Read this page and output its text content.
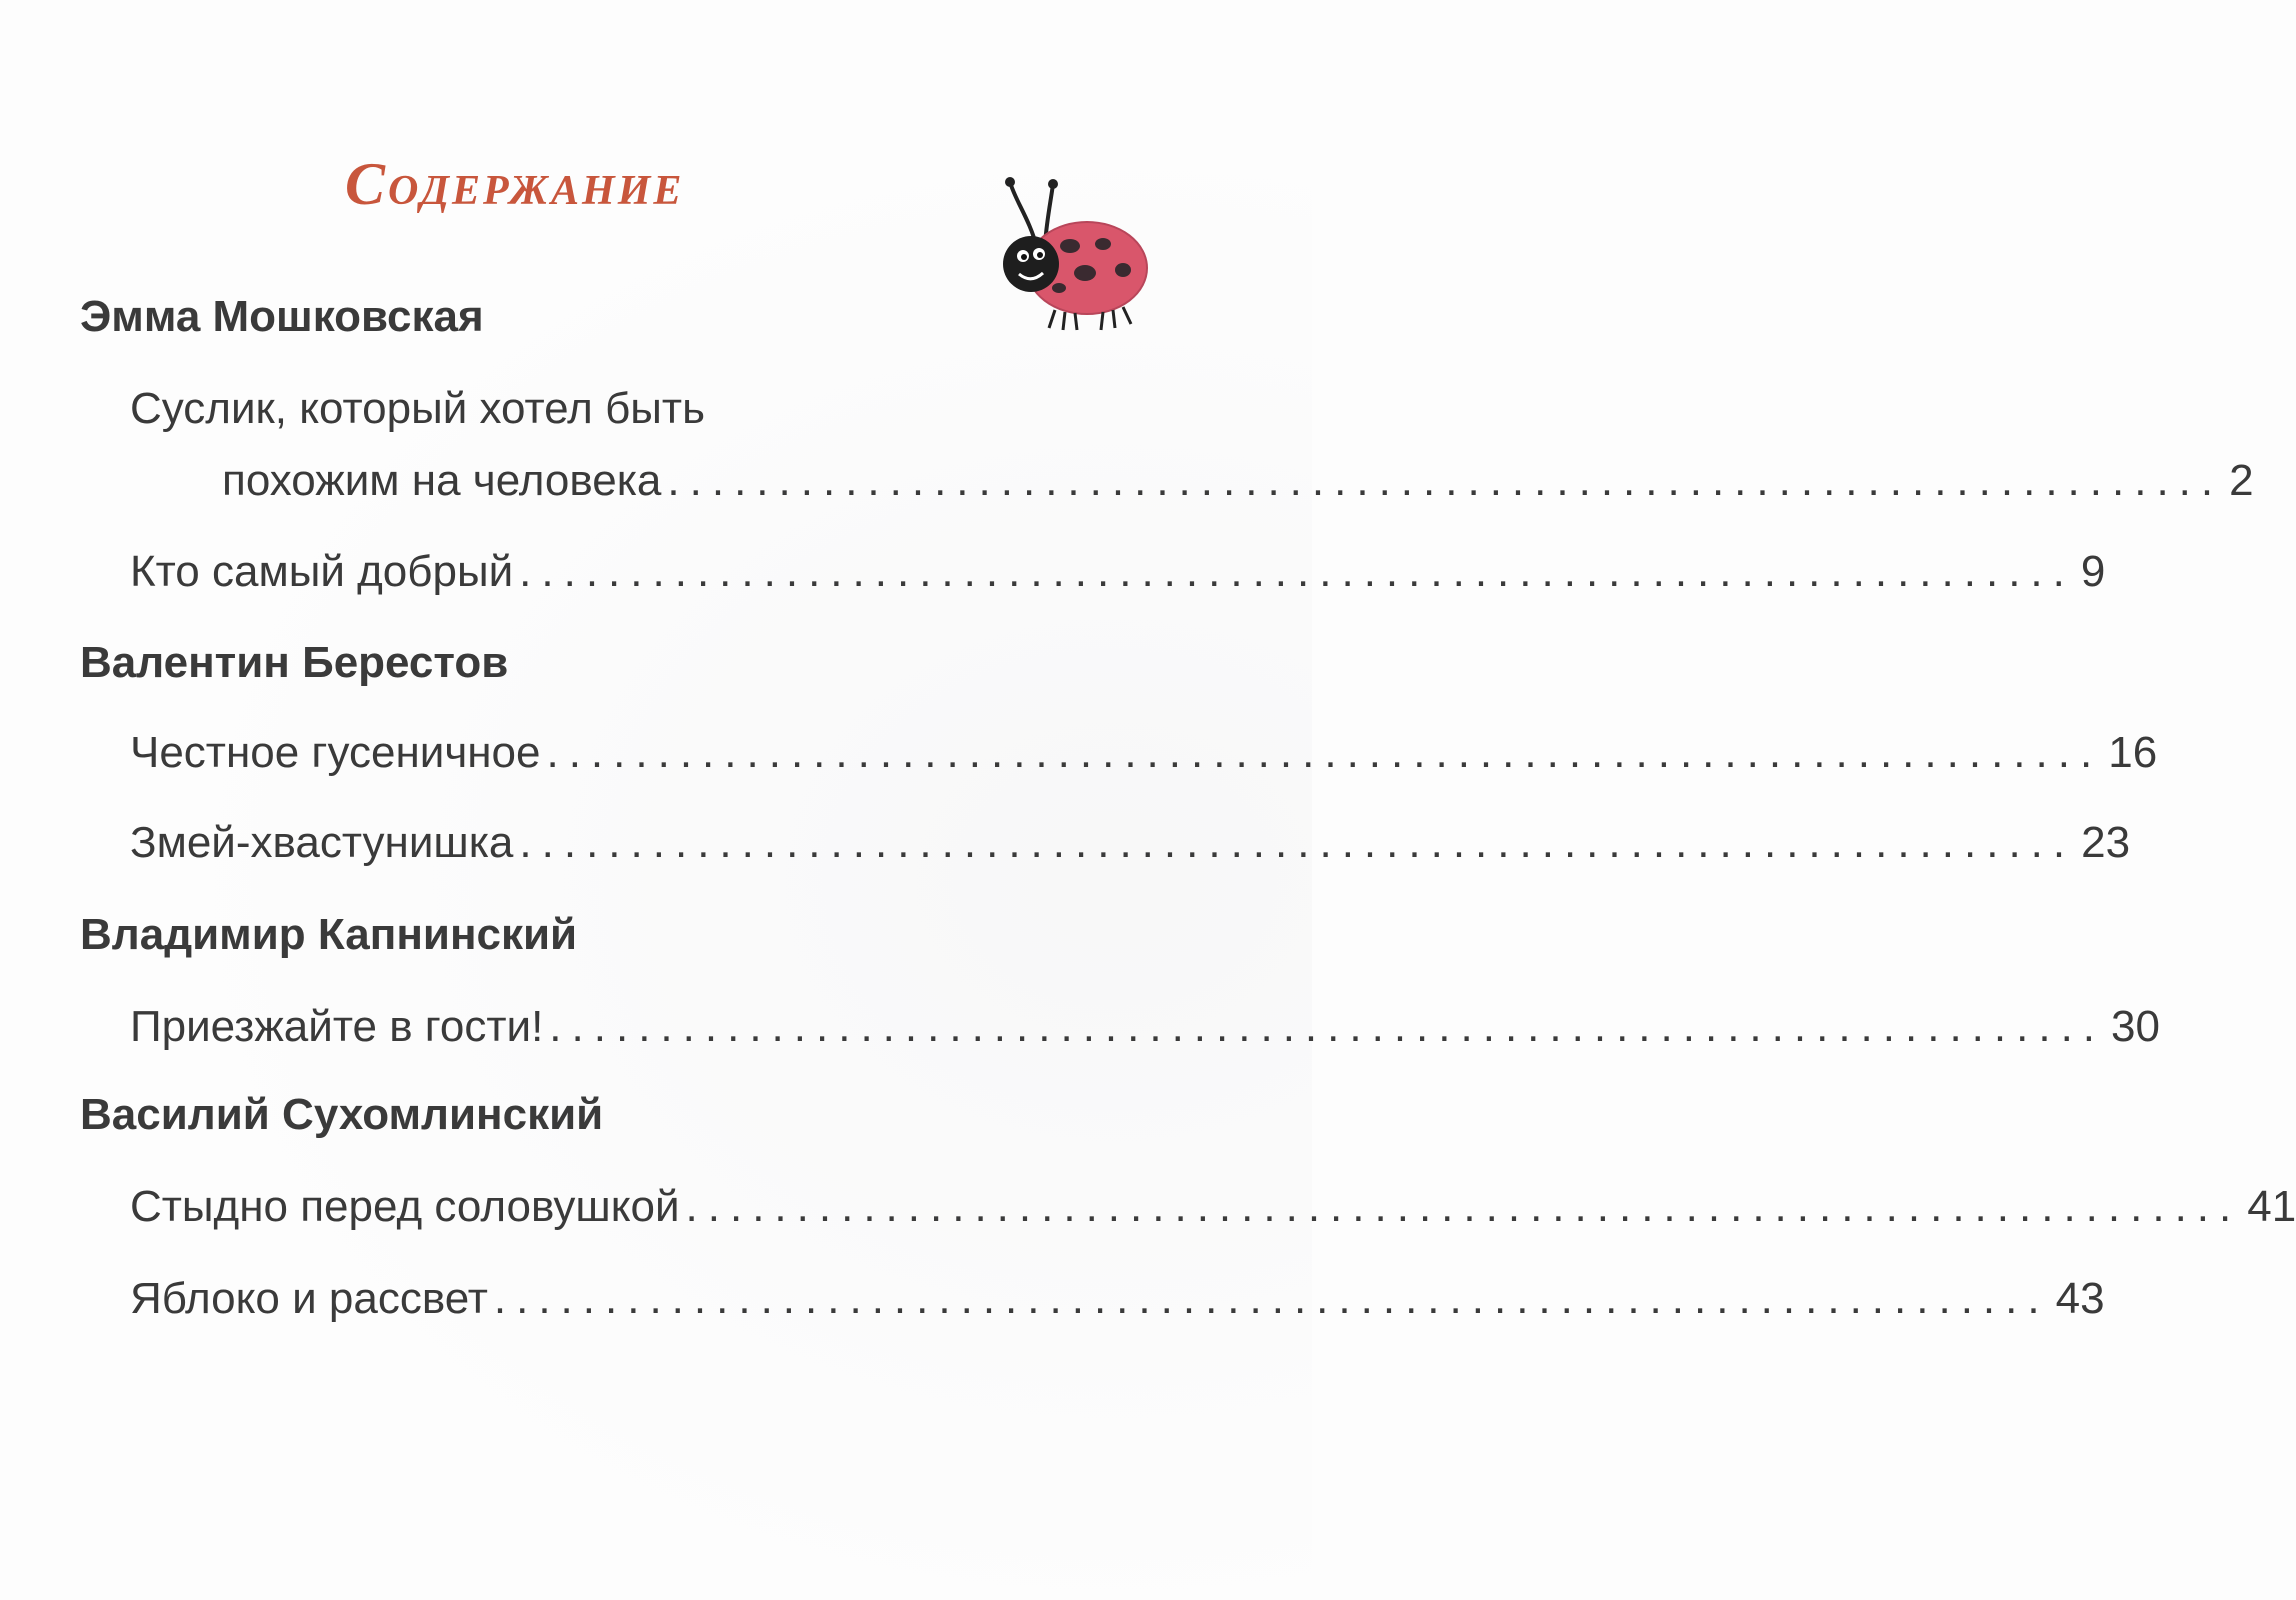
Содержание
Эмма Мошковская
Суслик, который хотел быть
похожим на человека ...................................................................... 2
Кто самый добрый ...................................................................... 9
Валентин Берестов
Честное гусеничное ...................................................................... 16
Змей-хвастунишка ...................................................................... 23
Владимир Капнинский
Приезжайте в гости! ...................................................................... 30
Василий Сухомлинский
Стыдно перед соловушкой ...................................................................... 41
Яблоко и рассвет ...................................................................... 43
